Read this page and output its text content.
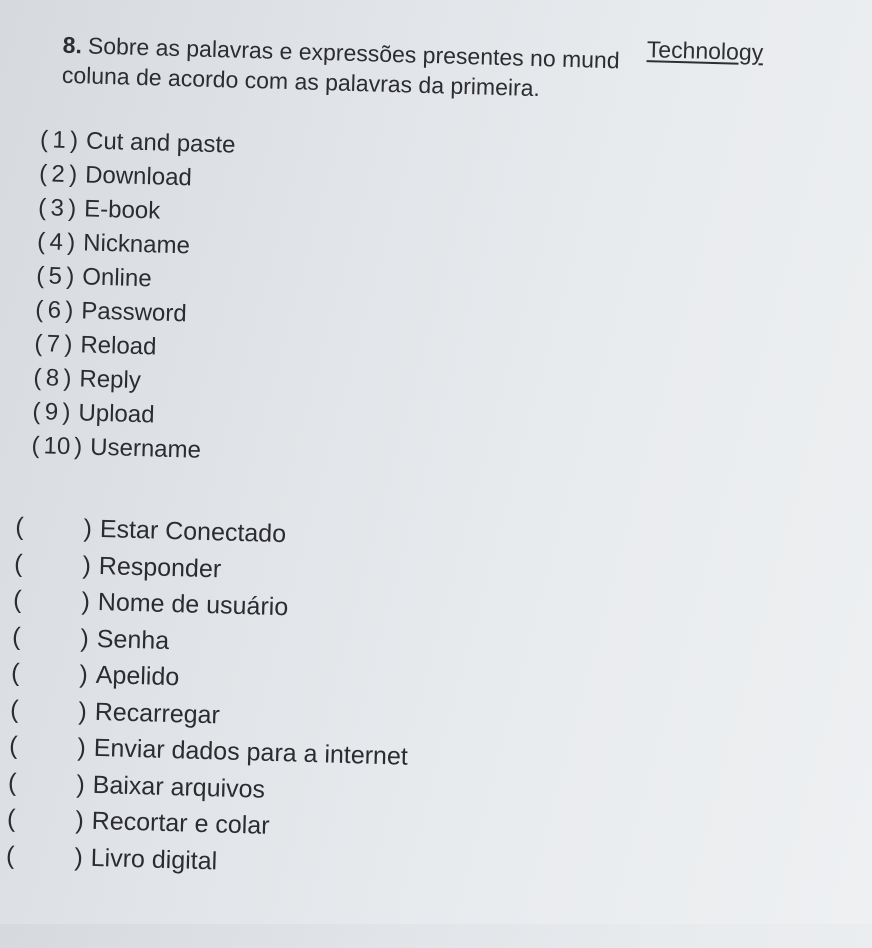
Technology
8. Sobre as palavras e expressões presentes no mund
coluna de acordo com as palavras da primeira.
( 1 ) Cut and paste
( 2 ) Download
( 3 ) E-book
( 4 ) Nickname
( 5 ) Online
( 6 ) Password
( 7 ) Reload
( 8 ) Reply
( 9 ) Upload
( 10 ) Username
( ) Estar Conectado
( ) Responder
( ) Nome de usuário
( ) Senha
( ) Apelido
( ) Recarregar
( ) Enviar dados para a internet
( ) Baixar arquivos
( ) Recortar e colar
( ) Livro digital
